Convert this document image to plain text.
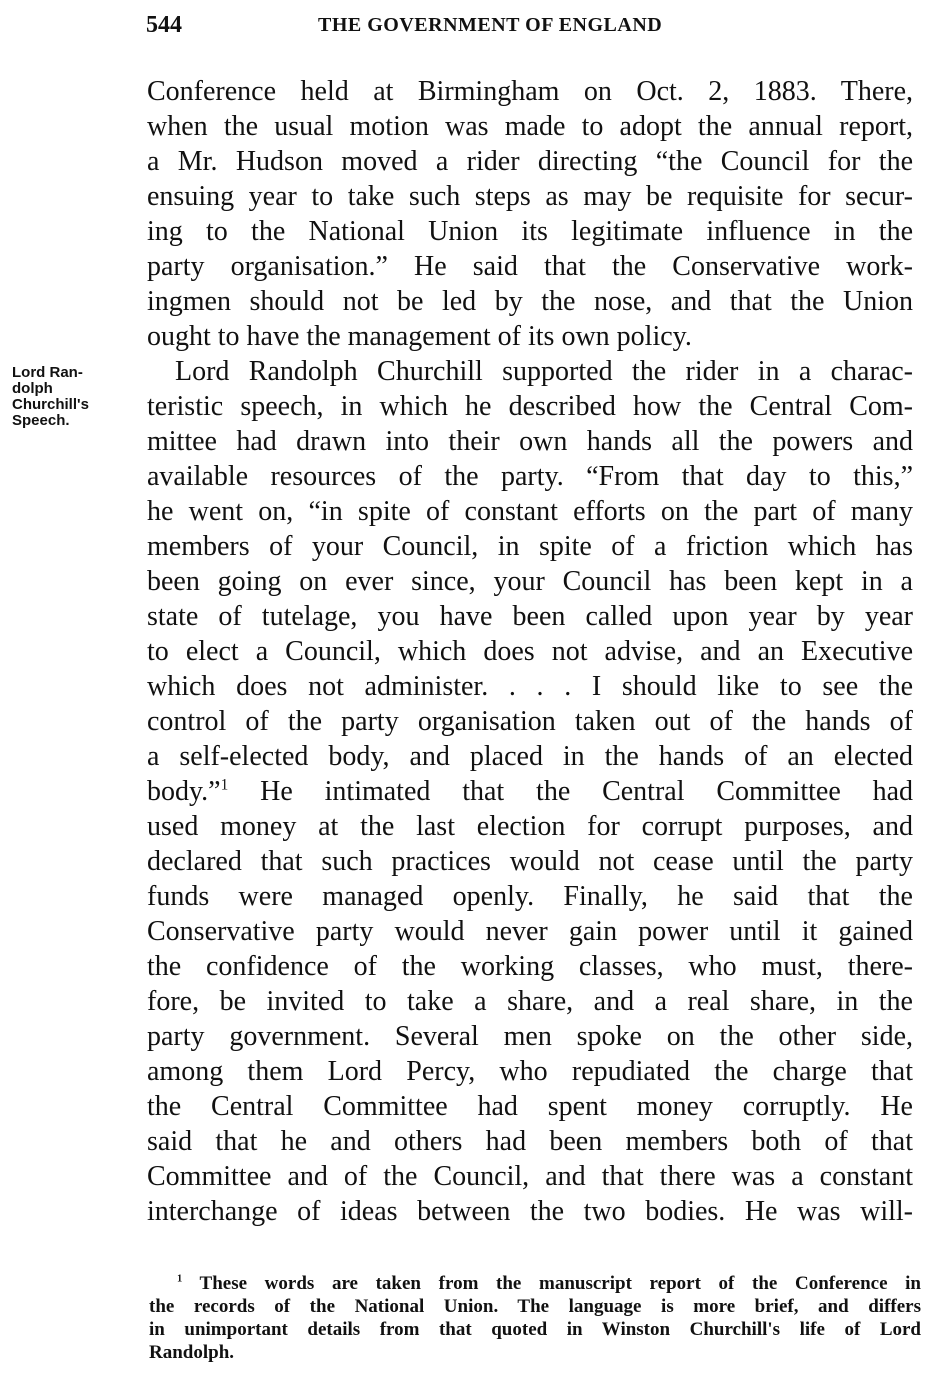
544	THE GOVERNMENT OF ENGLAND
Lord Ran-
dolph
Churchill's
Speech.
Conference held at Birmingham on Oct. 2, 1883. There,
when the usual motion was made to adopt the annual report,
a Mr. Hudson moved a rider directing “the Council for the
ensuing year to take such steps as may be requisite for secur-
ing to the National Union its legitimate influence in the
party organisation.” He said that the Conservative work-
ingmen should not be led by the nose, and that the Union
ought to have the management of its own policy.
Lord Randolph Churchill supported the rider in a charac-
teristic speech, in which he described how the Central Com-
mittee had drawn into their own hands all the powers and
available resources of the party. “From that day to this,”
he went on, “in spite of constant efforts on the part of many
members of your Council, in spite of a friction which has
been going on ever since, your Council has been kept in a
state of tutelage, you have been called upon year by year
to elect a Council, which does not advise, and an Executive
which does not administer. . . . I should like to see the
control of the party organisation taken out of the hands of
a self-elected body, and placed in the hands of an elected
body.”$^1$ He intimated that the Central Committee had
used money at the last election for corrupt purposes, and
declared that such practices would not cease until the party
funds were managed openly. Finally, he said that the
Conservative party would never gain power until it gained
the confidence of the working classes, who must, there-
fore, be invited to take a share, and a real share, in the
party government. Several men spoke on the other side,
among them Lord Percy, who repudiated the charge that
the Central Committee had spent money corruptly. He
said that he and others had been members both of that
Committee and of the Council, and that there was a constant
interchange of ideas between the two bodies. He was will-
$^1$ These words are taken from the manuscript report of the Conference in
the records of the National Union. The language is more brief, and differs
in unimportant details from that quoted in Winston Churchill's life of Lord
Randolph.
